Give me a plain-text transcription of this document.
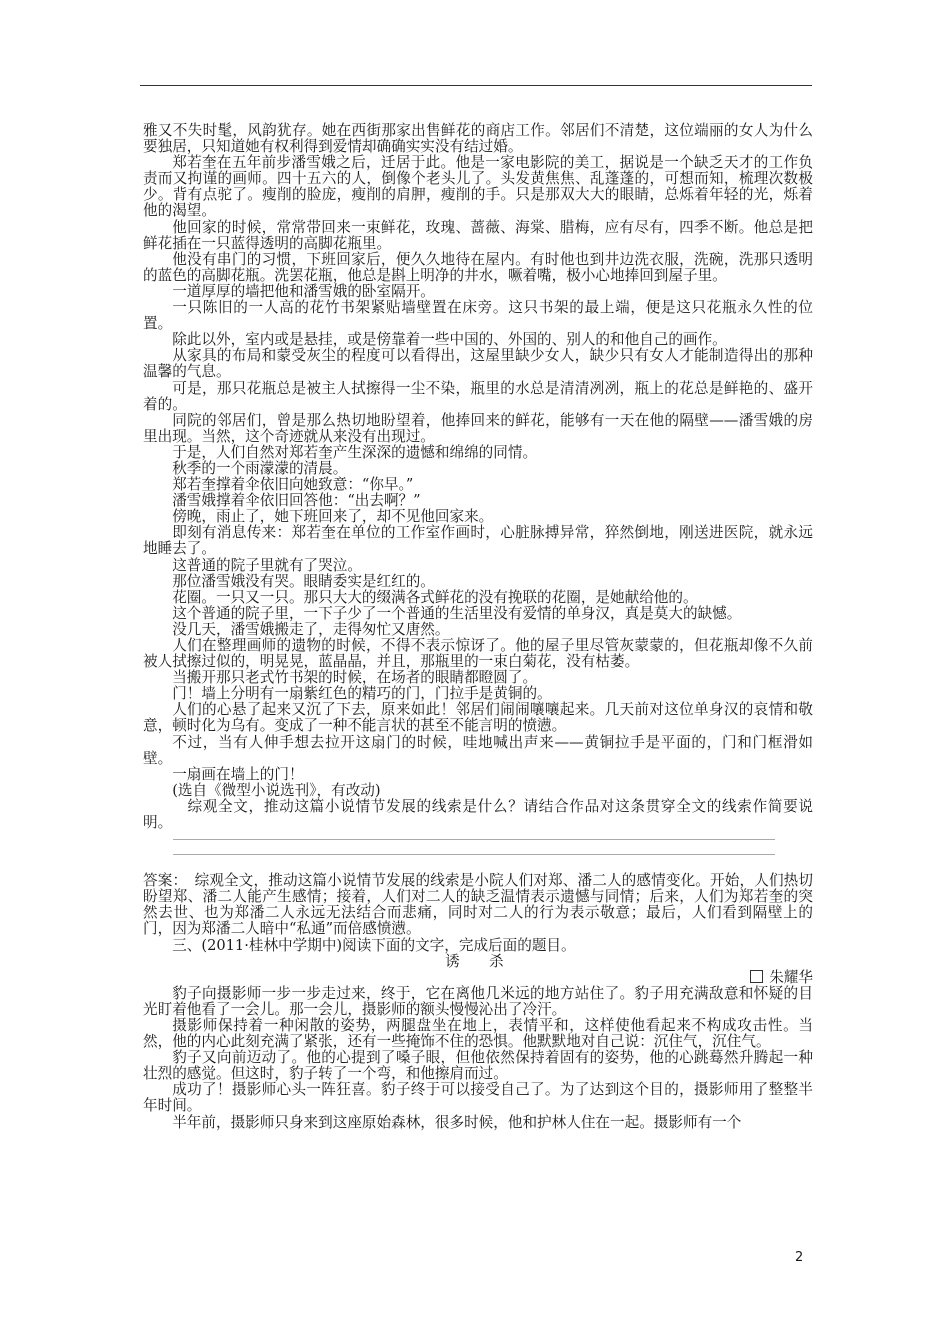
雅又不失时髦，风韵犹存。她在西街那家出售鲜花的商店工作。邻居们不清楚，这位端丽的女人为什么要独居，只知道她有权利得到爱情却确确实实没有结过婚。

郑若奎在五年前步潘雪娥之后，迁居于此。他是一家电影院的美工，据说是一个缺乏天才的工作负责而又拘谨的画师。四十五六的人，倒像个老头儿了。头发黄焦焦、乱蓬蓬的，可想而知，梳理次数极少。背有点驼了。瘦削的脸庞，瘦削的肩胛，瘦削的手。只是那双大大的眼睛，总烁着年轻的光，烁着他的渴望。

他回家的时候，常常带回来一束鲜花，玫瑰、蔷薇、海棠、腊梅，应有尽有，四季不断。他总是把鲜花插在一只蓝得透明的高脚花瓶里。

他没有串门的习惯，下班回家后，便久久地待在屋内。有时他也到井边洗衣服，洗碗，洗那只透明的蓝色的高脚花瓶。洗罢花瓶，他总是斟上明净的井水，噘着嘴，极小心地捧回到屋子里。

一道厚厚的墙把他和潘雪娥的卧室隔开。

一只陈旧的一人高的花竹书架紧贴墙壁置在床旁。这只书架的最上端，便是这只花瓶永久性的位置。

除此以外，室内或是悬挂，或是傍靠着一些中国的、外国的、别人的和他自己的画作。

从家具的布局和蒙受灰尘的程度可以看得出，这屋里缺少女人，缺少只有女人才能制造得出的那种温馨的气息。

可是，那只花瓶总是被主人拭擦得一尘不染，瓶里的水总是清清冽冽，瓶上的花总是鲜艳的、盛开着的。

同院的邻居们，曾是那么热切地盼望着，他捧回来的鲜花，能够有一天在他的隔壁——潘雪娥的房里出现。当然，这个奇迹就从来没有出现过。

于是，人们自然对郑若奎产生深深的遗憾和绵绵的同情。

秋季的一个雨濛濛的清晨。

郑若奎撑着伞依旧向她致意：“你早。”

潘雪娥撑着伞依旧回答他：“出去啊？”

傍晚，雨止了，她下班回来了，却不见他回家来。

即刻有消息传来：郑若奎在单位的工作室作画时，心脏脉搏异常，猝然倒地，刚送进医院，就永远地睡去了。

这普通的院子里就有了哭泣。

那位潘雪娥没有哭。眼睛委实是红红的。

花圈。一只又一只。那只大大的缀满各式鲜花的没有挽联的花圈，是她献给他的。

这个普通的院子里，一下子少了一个普通的生活里没有爱情的单身汉，真是莫大的缺憾。

没几天，潘雪娥搬走了，走得匆忙又唐然。

人们在整理画师的遗物的时候，不得不表示惊讶了。他的屋子里尽管灰蒙蒙的，但花瓶却像不久前被人拭擦过似的，明晃晃，蓝晶晶，并且，那瓶里的一束白菊花，没有枯萎。

当搬开那只老式竹书架的时候，在场者的眼睛都瞪圆了。

门！墙上分明有一扇紫红色的精巧的门，门拉手是黄铜的。

人们的心悬了起来又沉了下去，原来如此！邻居们闹闹嚷嚷起来。几天前对这位单身汉的哀情和敬意，顿时化为乌有。变成了一种不能言状的甚至不能言明的愤懑。

不过，当有人伸手想去拉开这扇门的时候，哇地喊出声来——黄铜拉手是平面的，门和门框滑如壁。

一扇画在墙上的门！

(选自《微型小说选刊》，有改动)

　综观全文，推动这篇小说情节发展的线索是什么？请结合作品对这条贯穿全文的线索作简要说明。

答案：　综观全文，推动这篇小说情节发展的线索是小院人们对郑、潘二人的感情变化。开始，人们热切盼望郑、潘二人能产生感情；接着，人们对二人的缺乏温情表示遗憾与同情；后来，人们为郑若奎的突然去世、也为郑潘二人永远无法结合而悲痛，同时对二人的行为表示敬意；最后，人们看到隔壁上的门，因为郑潘二人暗中“私通”而倍感愤懑。

三、(2011·桂林中学期中)阅读下面的文字，完成后面的题目。

诱　杀

朱耀华

豹子向摄影师一步一步走过来，终于，它在离他几米远的地方站住了。豹子用充满敌意和怀疑的目光盯着他看了一会儿。那一会儿，摄影师的额头慢慢沁出了冷汗。

摄影师保持着一种闲散的姿势，两腿盘坐在地上，表情平和，这样使他看起来不构成攻击性。当然，他的内心此刻充满了紧张，还有一些掩饰不住的恐惧。他默默地对自己说：沉住气，沉住气。

豹子又向前迈动了。他的心提到了嗓子眼，但他依然保持着固有的姿势，他的心跳蓦然升腾起一种壮烈的感觉。但这时，豹子转了一个弯，和他擦肩而过。

成功了！摄影师心头一阵狂喜。豹子终于可以接受自己了。为了达到这个目的，摄影师用了整整半年时间。

半年前，摄影师只身来到这座原始森林，很多时候，他和护林人住在一起。摄影师有一个

2
